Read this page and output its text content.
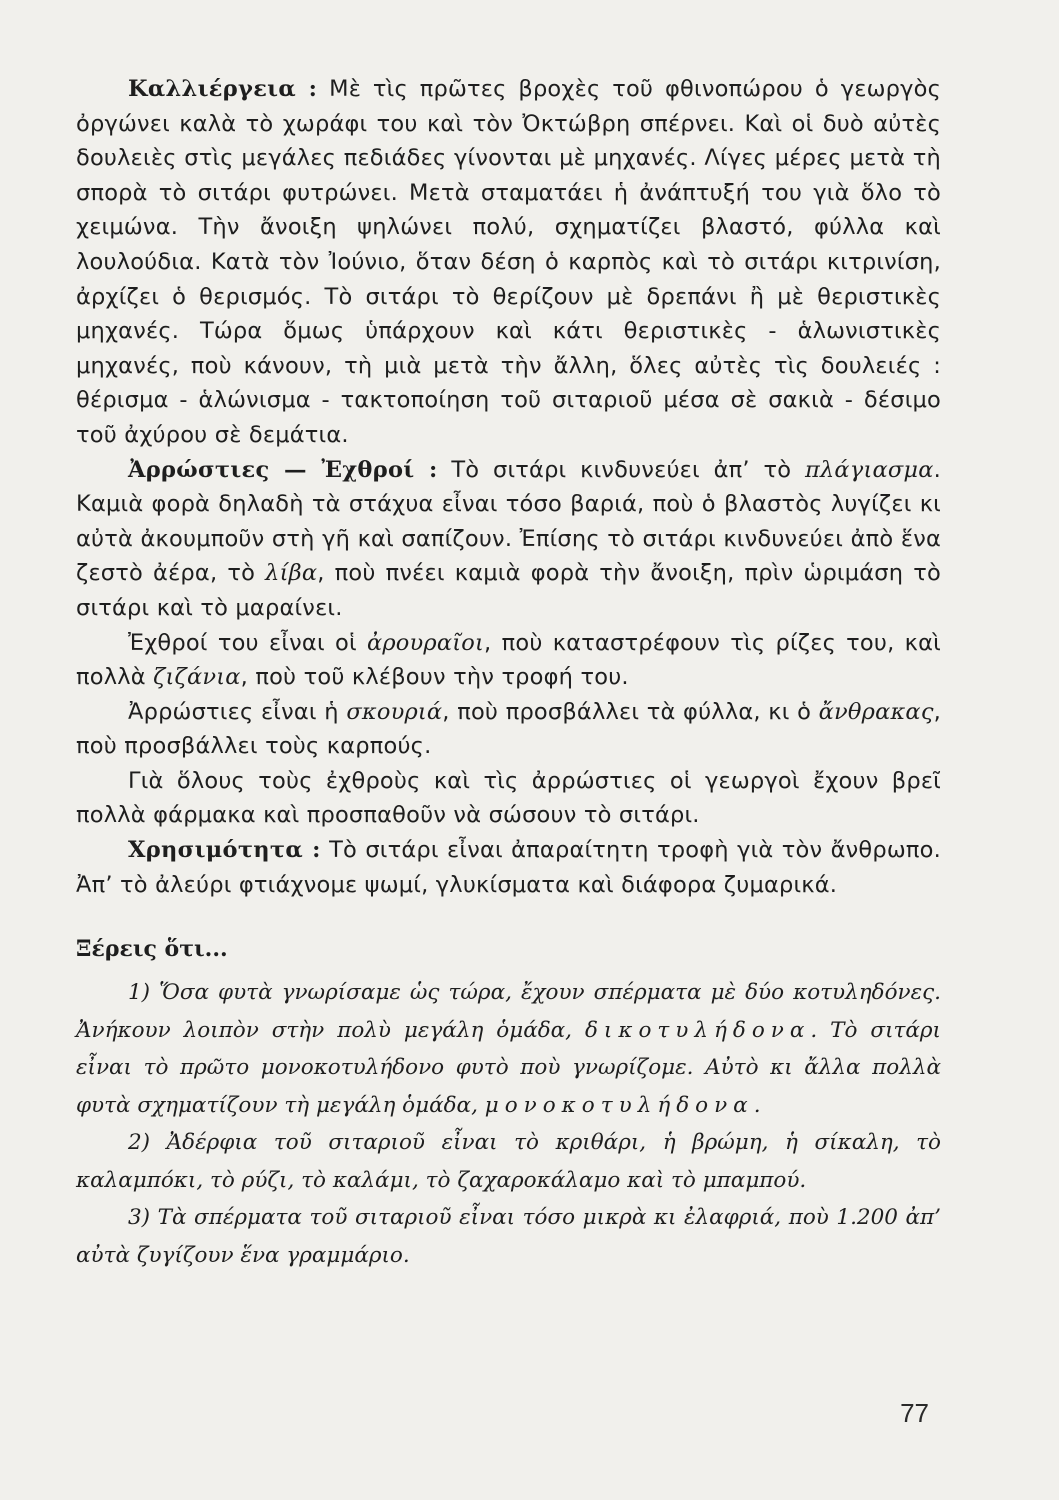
Καλλιέργεια : Μὲ τὶς πρῶτες βροχὲς τοῦ φθινοπώρου ὁ γεωργὸς ὀργώνει καλὰ τὸ χωράφι του καὶ τὸν Ὀκτώβρη σπέρνει. Καὶ οἱ δυὸ αὐτὲς δουλειὲς στὶς μεγάλες πεδιάδες γίνονται μὲ μηχανές. Λίγες μέρες μετὰ τὴ σπορὰ τὸ σιτάρι φυτρώνει. Μετὰ σταματάει ἡ ἀνάπτυξή του γιὰ ὅλο τὸ χειμώνα. Τὴν ἄνοιξη ψηλώνει πολύ, σχηματίζει βλαστό, φύλλα καὶ λουλούδια. Κατὰ τὸν Ἰούνιο, ὅταν δέση ὁ καρπὸς καὶ τὸ σιτάρι κιτρινίση, ἀρχίζει ὁ θερισμός. Τὸ σιτάρι τὸ θερίζουν μὲ δρεπάνι ἢ μὲ θεριστικὲς μηχανές. Τώρα ὅμως ὑπάρχουν καὶ κάτι θεριστικὲς - ἁλωνιστικὲς μηχανές, ποὺ κάνουν, τὴ μιὰ μετὰ τὴν ἄλλη, ὅλες αὐτὲς τὶς δουλειές : θέρισμα - ἁλώνισμα - τακτοποίηση τοῦ σιταριοῦ μέσα σὲ σακιὰ - δέσιμο τοῦ ἀχύρου σὲ δεμάτια.

Ἀρρώστιες — Ἐχθροί : Τὸ σιτάρι κινδυνεύει ἀπ’ τὸ πλάγιασμα. Καμιὰ φορὰ δηλαδὴ τὰ στάχυα εἶναι τόσο βαριά, ποὺ ὁ βλαστὸς λυγίζει κι αὐτὰ ἀκουμποῦν στὴ γῆ καὶ σαπίζουν. Ἐπίσης τὸ σιτάρι κινδυνεύει ἀπὸ ἕνα ζεστὸ ἀέρα, τὸ λίβα, ποὺ πνέει καμιὰ φορὰ τὴν ἄνοιξη, πρὶν ὡριμάση τὸ σιτάρι καὶ τὸ μαραίνει.

Ἐχθροί του εἶναι οἱ ἀρουραῖοι, ποὺ καταστρέφουν τὶς ρίζες του, καὶ πολλὰ ζιζάνια, ποὺ τοῦ κλέβουν τὴν τροφή του.

Ἀρρώστιες εἶναι ἡ σκουριά, ποὺ προσβάλλει τὰ φύλλα, κι ὁ ἄνθρακας, ποὺ προσβάλλει τοὺς καρπούς.

Γιὰ ὅλους τοὺς ἐχθροὺς καὶ τὶς ἀρρώστιες οἱ γεωργοὶ ἔχουν βρεῖ πολλὰ φάρμακα καὶ προσπαθοῦν νὰ σώσουν τὸ σιτάρι.

Χρησιμότητα : Τὸ σιτάρι εἶναι ἀπαραίτητη τροφὴ γιὰ τὸν ἄνθρωπο. Ἀπ’ τὸ ἀλεύρι φτιάχνομε ψωμί, γλυκίσματα καὶ διάφορα ζυμαρικά.

Ξέρεις ὅτι...

1) Ὅσα φυτὰ γνωρίσαμε ὡς τώρα, ἔχουν σπέρματα μὲ δύο κοτυληδόνες. Ἀνήκουν λοιπὸν στὴν πολὺ μεγάλη ὁμάδα, δικοτυλήδονα. Τὸ σιτάρι εἶναι τὸ πρῶτο μονοκοτυλήδονο φυτὸ ποὺ γνωρίζομε. Αὐτὸ κι ἄλλα πολλὰ φυτὰ σχηματίζουν τὴ μεγάλη ὁμάδα, μονοκοτυλήδονα.

2) Ἀδέρφια τοῦ σιταριοῦ εἶναι τὸ κριθάρι, ἡ βρώμη, ἡ σίκαλη, τὸ καλαμπόκι, τὸ ρύζι, τὸ καλάμι, τὸ ζαχαροκάλαμο καὶ τὸ μπαμπού.

3) Τὰ σπέρματα τοῦ σιταριοῦ εἶναι τόσο μικρὰ κι ἐλαφριά, ποὺ 1.200 ἀπ’ αὐτὰ ζυγίζουν ἕνα γραμμάριο.

77
